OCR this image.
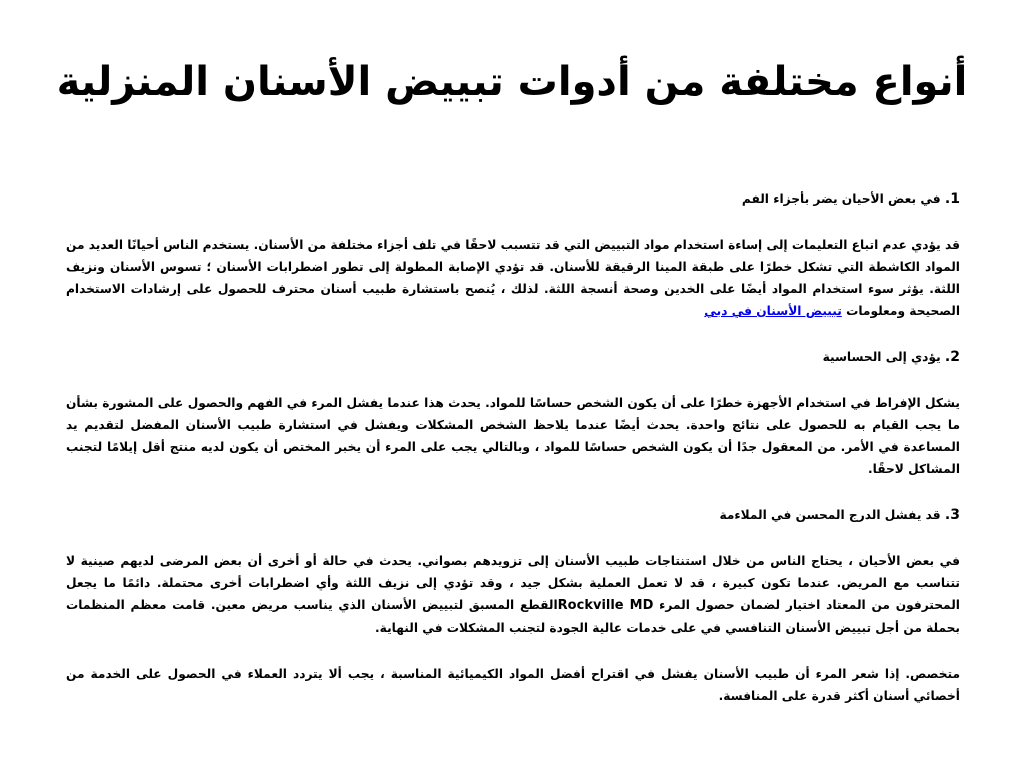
أنواع مختلفة من أدوات تبييض الأسنان المنزلية

1. في بعض الأحيان يضر بأجزاء الفم

قد يؤدي عدم اتباع التعليمات إلى إساءة استخدام مواد التبييض التي قد تتسبب لاحقًا في تلف أجزاء مختلفة من الأسنان. يستخدم الناس أحيانًا العديد من المواد الكاشطة التي تشكل خطرًا على طبقة المينا الرقيقة للأسنان. قد تؤدي الإصابة المطولة إلى تطور اضطرابات الأسنان ؛ تسوس الأسنان ونزيف اللثة. يؤثر سوء استخدام المواد أيضًا على الخدين وصحة أنسجة اللثة. لذلك ، يُنصح باستشارة طبيب أسنان محترف للحصول على إرشادات الاستخدام الصحيحة ومعلومات تبييض الأسنان في دبي

2. يؤدي إلى الحساسية

يشكل الإفراط في استخدام الأجهزة خطرًا على أن يكون الشخص حساسًا للمواد. يحدث هذا عندما يفشل المرء في الفهم والحصول على المشورة بشأن ما يجب القيام به للحصول على نتائج واحدة. يحدث أيضًا عندما يلاحظ الشخص المشكلات ويفشل في استشارة طبيب الأسنان المفضل لتقديم يد المساعدة في الأمر. من المعقول جدًا أن يكون الشخص حساسًا للمواد ، وبالتالي يجب على المرء أن يخبر المختص أن يكون لديه منتج أقل إيلامًا لتجنب المشاكل لاحقًا.

3. قد يفشل الدرج المحسن في الملاءمة

في بعض الأحيان ، يحتاج الناس من خلال استنتاجات طبيب الأسنان إلى تزويدهم بصواني. يحدث في حالة أو أخرى أن بعض المرضى لديهم صينية لا تتناسب مع المريض. عندما تكون كبيرة ، قد لا تعمل العملية بشكل جيد ، وقد تؤدي إلى نزيف اللثة وأي اضطرابات أخرى محتملة. دائمًا ما يجعل المحترفون من المعتاد اختيار لضمان حصول المرء Rockville MDالقطع المسبق لتبييض الأسنان الذي يناسب مريض معين. قامت معظم المنظمات بحملة من أجل تبييض الأسنان التنافسي في على خدمات عالية الجودة لتجنب المشكلات في النهاية.

متخصص. إذا شعر المرء أن طبيب الأسنان يفشل في اقتراح أفضل المواد الكيميائية المناسبة ، يجب ألا يتردد العملاء في الحصول على الخدمة من أخصائي أسنان أكثر قدرة على المنافسة.
